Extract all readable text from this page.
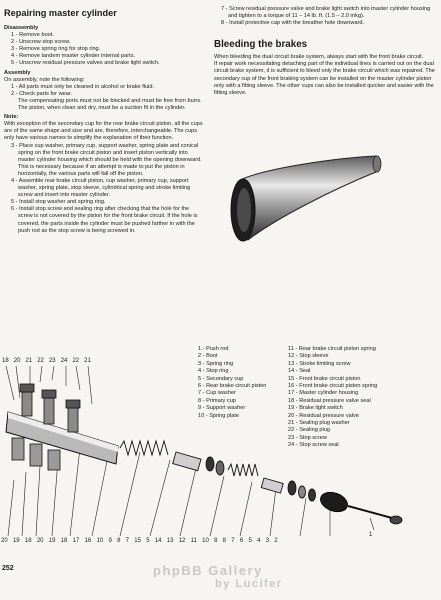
Repairing master cylinder

Disassembly

1 - Remove boot.

2 - Unscrew stop screw.

3 - Remove spring ring for stop ring.

4 - Remove tandem master cylinder internal parts.

5 - Unscrew residual pressure valves and brake light switch.

Assembly

On assembly, note the following:

1 - All parts must only be cleaned in alcohol or brake fluid.

2 - Check parts for wear.

The compensating ports must not be blocked and must be free from burrs. The piston, when clean and dry, must be a suction fit in the cylinder.

Note:

With exception of the secondary cup for the rear brake circuit piston, all the cups are of the same shape and size and are, therefore, interchangeable. The cups only have various names to simplify the explanation of their function.

3 - Place cup washer, primary cup, support washer, spring plate and conical spring on the front brake circuit piston and insert piston vertically into master cylinder housing which should be held with the opening downward. This is necessary because if an attempt is made to put the piston in horizontally, the various parts will fall off the piston.

4 - Assemble rear brake circuit piston, cup washer, primary cup, support washer, spring plate, stop sleeve, cylindrical spring and stroke limiting screw and insert into master cylinder.

5 - Install stop washer and spring ring.

6 - Install stop screw and sealing ring after checking that the hole for the screw is not covered by the piston for the front brake circuit. If the hole is covered, the parts inside the cylinder must be pushed farther in with the push rod as the stop screw is being screwed in.

7 - Screw residual pressure valve and brake light switch into master cylinder housing and tighten to a torque of 11 – 14 lb. ft. (1.5 – 2.0 mkg).

8 - Install protective cap with the breather hole downward.

Bleeding the brakes

When bleeding the dual circuit brake system, always start with the front brake circuit.

If repair work necessitating detaching part of the individual lines is carried out on the dual circuit brake system, it is sufficient to bleed only the brake circuit which was repaired. The secondary cup of the front braking system can be installed on the master cylinder piston only with a fitting sleeve. The other cups can also be installed quicker and easier with the fitting sleeve.

1 - Push rod

2 - Boot

3 - Spring ring

4 - Stop ring

5 - Secondary cup

6 - Rear brake circuit piston

7 - Cup washer

8 - Primary cup

9 - Support washer

10 - Spring plate

11 - Rear brake circuit piston spring

12 - Stop sleeve

13 - Stroke limiting screw

14 - Seal

15 - Front brake circuit piston

16 - Front brake circuit piston spring

17 - Master cylinder housing

18 - Residual pressure valve seal

19 - Brake light switch

20 - Residual pressure valve

21 - Sealing plug washer

22 - Sealing plug

23 - Stop screw

24 - Stop screw seal

18 20 21 22 23 24 22 21
20 19 18 20 19 18 17 16 10 9 8 7 15 5 14 13 12 11 10 8 8 7 6 5 4 3 2
1
252	phpBB Gallery
by Lucifer
